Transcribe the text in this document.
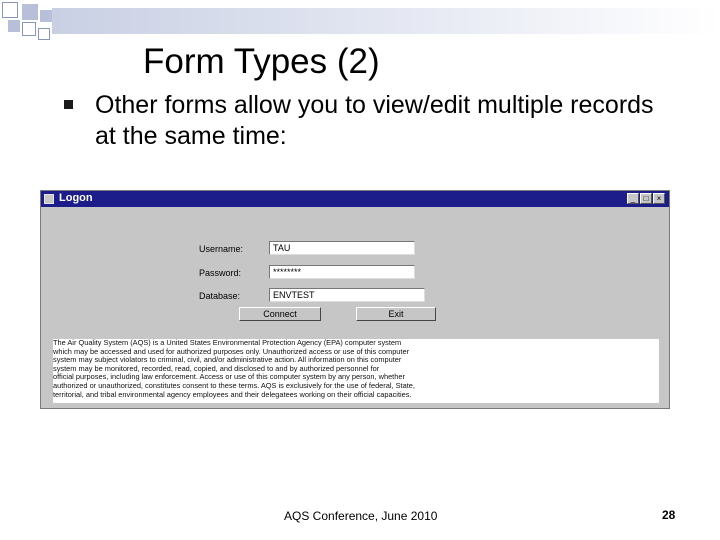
Form Types (2)
Other forms allow you to view/edit multiple records at the same time:
Logon	_	□	×
Username:	TAU
Password:	********
Database:	ENVTEST
Connect	Exit
The Air Quality System (AQS) is a United States Environmental Protection Agency (EPA) computer system
which may be accessed and used for authorized purposes only. Unauthorized access or use of this computer
system may subject violators to criminal, civil, and/or administrative action. All information on this computer
system may be monitored, recorded, read, copied, and disclosed to and by authorized personnel for
official purposes, including law enforcement. Access or use of this computer system by any person, whether
authorized or unauthorized, constitutes consent to these terms. AQS is exclusively for the use of federal, State,
territorial, and tribal environmental agency employees and their delegatees working on their official capacities.
AQS Conference, June 2010	28
